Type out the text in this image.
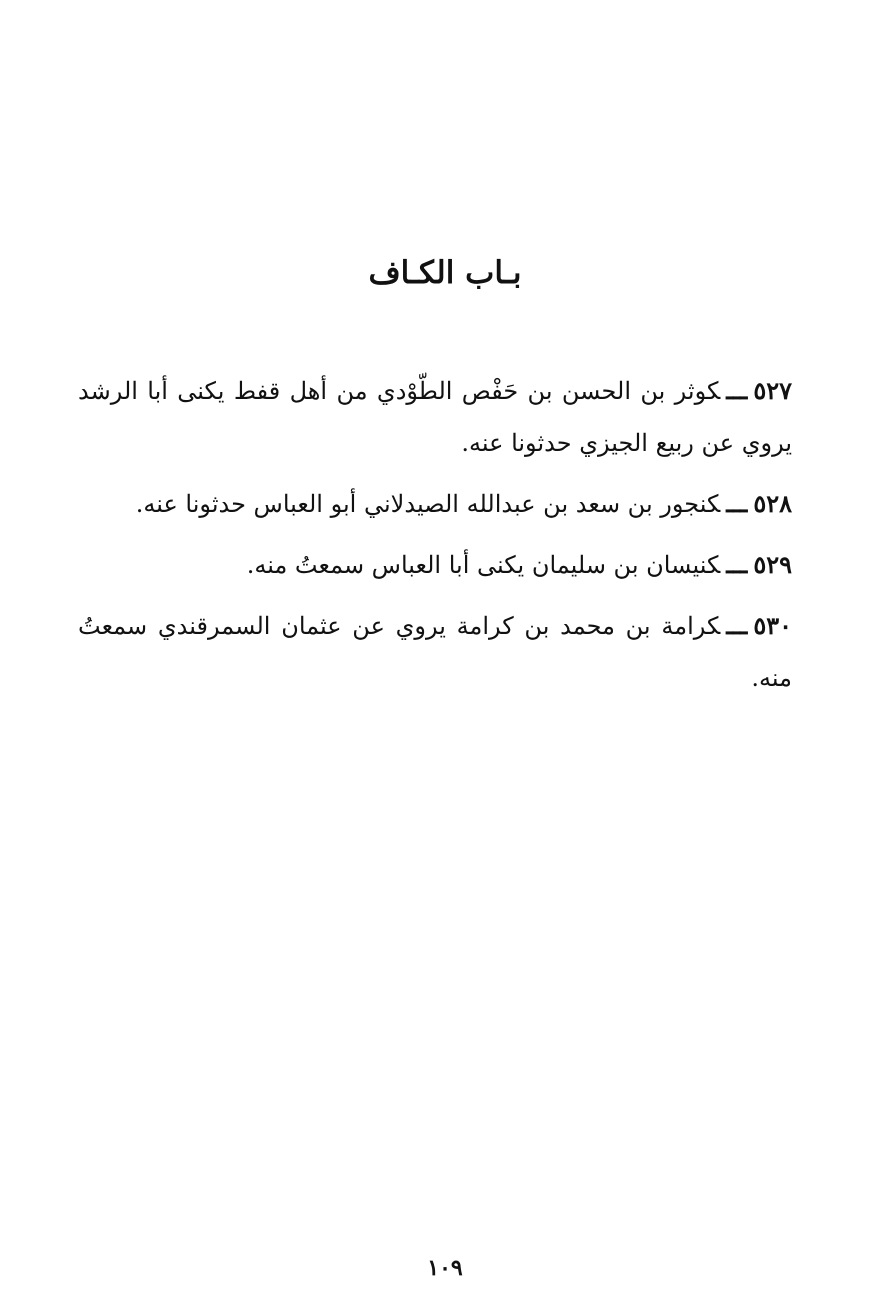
بـاب الكـاف

٥٢٧ـــكوثر بن الحسن بن حَفْص الطّوْدي من أهل قفط يكنى أبا الرشد يروي عن ربيع الجيزي حدثونا عنه.

٥٢٨ـــكنجور بن سعد بن عبدالله الصيدلاني أبو العباس حدثونا عنه.

٥٢٩ـــكنيسان بن سليمان يكنى أبا العباس سمعتُ منه.

٥٣٠ـــكرامة بن محمد بن كرامة يروي عن عثمان السمرقندي سمعتُ منه.

١٠٩
